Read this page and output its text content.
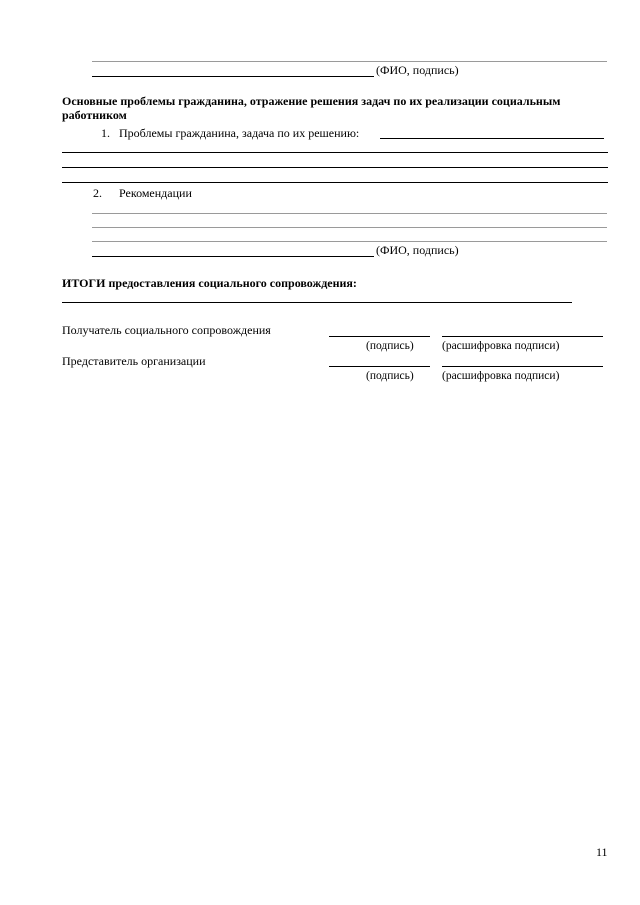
(ФИО, подпись)
Основные проблемы гражданина, отражение решения задач по их реализации социальным работником
1. Проблемы гражданина, задача по их решению:
2. Рекомендации
(ФИО, подпись)
ИТОГИ предоставления социального сопровождения:
Получатель социального сопровождения
(подпись) (расшифровка подписи)
Представитель организации
(подпись) (расшифровка подписи)
11
